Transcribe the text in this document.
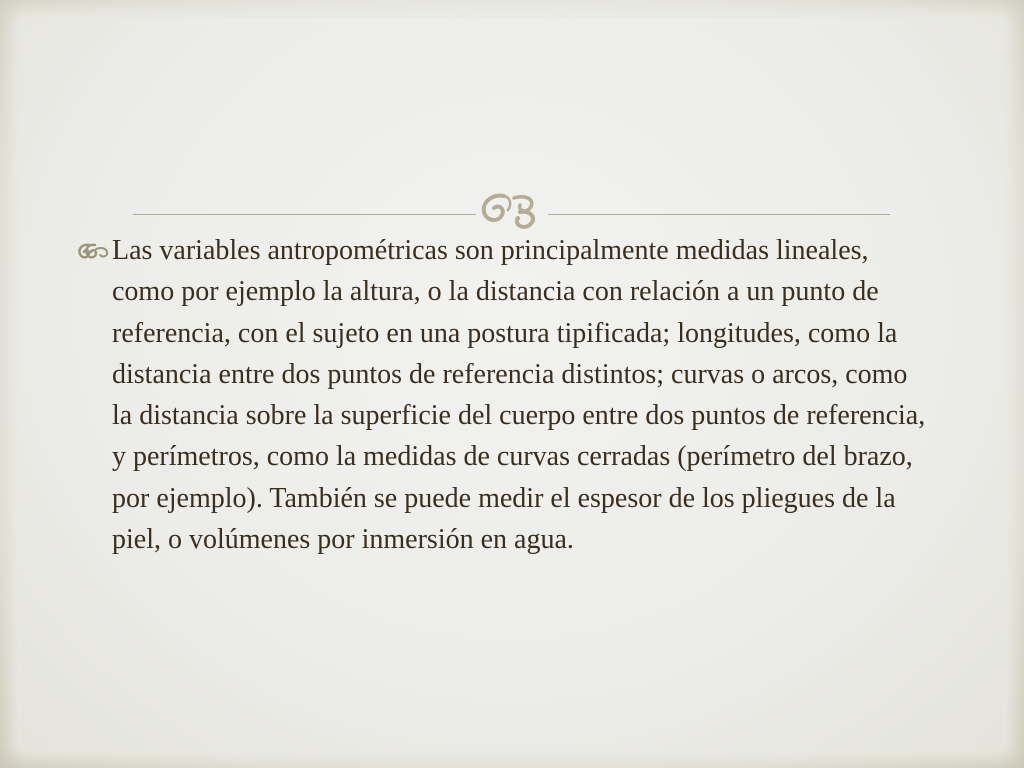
Las variables antropométricas son principalmente medidas lineales, como por ejemplo la altura, o la distancia con relación a un punto de referencia, con el sujeto en una postura tipificada; longitudes, como la distancia entre dos puntos de referencia distintos; curvas o arcos, como la distancia sobre la superficie del cuerpo entre dos puntos de referencia, y perímetros, como la medidas de curvas cerradas (perímetro del brazo, por ejemplo). También se puede medir el espesor de los pliegues de la piel, o volúmenes por inmersión en agua.
